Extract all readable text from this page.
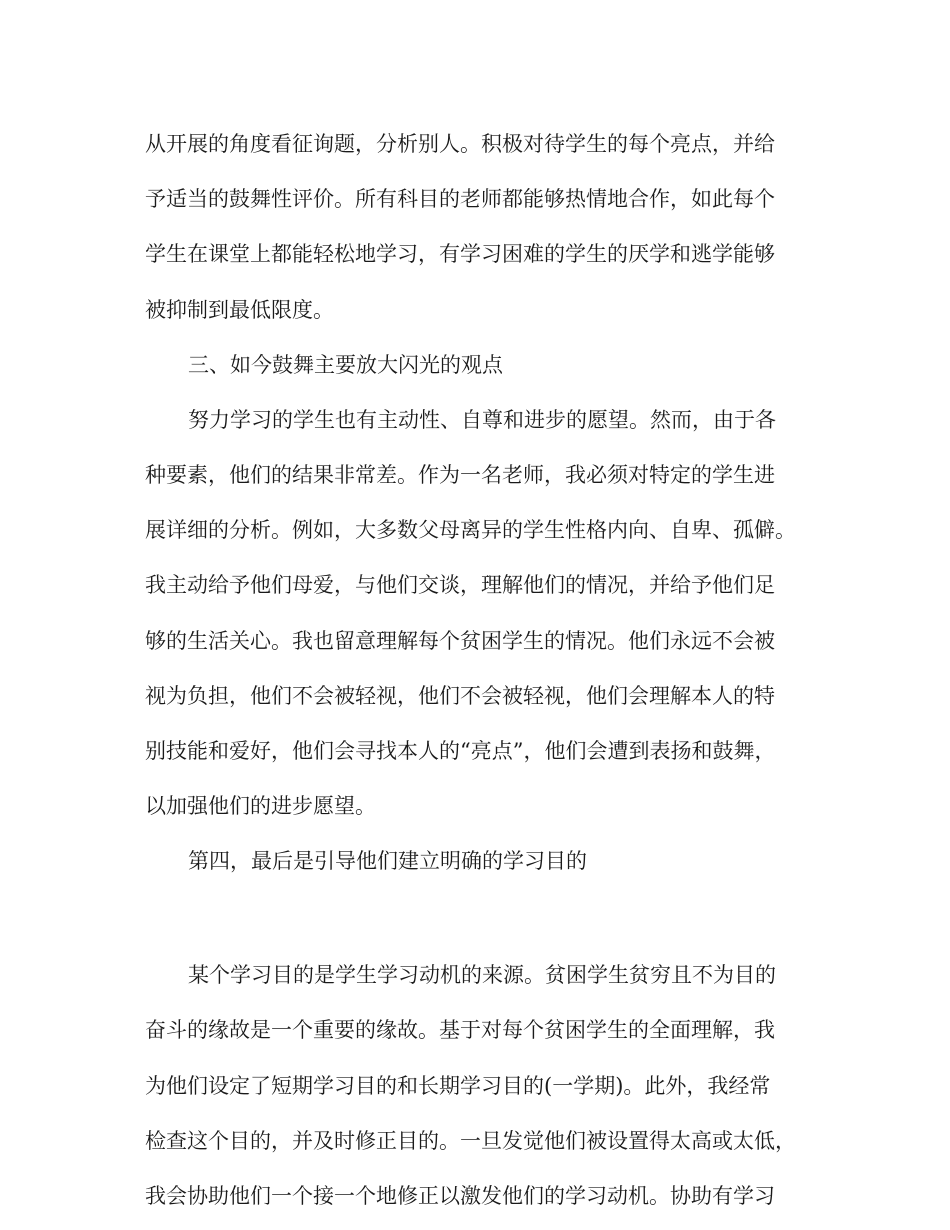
从开展的角度看征询题，分析别人。积极对待学生的每个亮点，并给
予适当的鼓舞性评价。所有科目的老师都能够热情地合作，如此每个
学生在课堂上都能轻松地学习，有学习困难的学生的厌学和逃学能够
被抑制到最低限度。
三、如今鼓舞主要放大闪光的观点
努力学习的学生也有主动性、自尊和进步的愿望。然而，由于各
种要素，他们的结果非常差。作为一名老师，我必须对特定的学生进
展详细的分析。例如，大多数父母离异的学生性格内向、自卑、孤僻。
我主动给予他们母爱，与他们交谈，理解他们的情况，并给予他们足
够的生活关心。我也留意理解每个贫困学生的情况。他们永远不会被
视为负担，他们不会被轻视，他们不会被轻视，他们会理解本人的特
别技能和爱好，他们会寻找本人的“亮点”，他们会遭到表扬和鼓舞，
以加强他们的进步愿望。
第四，最后是引导他们建立明确的学习目的
某个学习目的是学生学习动机的来源。贫困学生贫穷且不为目的
奋斗的缘故是一个重要的缘故。基于对每个贫困学生的全面理解，我
为他们设定了短期学习目的和长期学习目的(一学期)。此外，我经常
检查这个目的，并及时修正目的。一旦发觉他们被设置得太高或太低，
我会协助他们一个接一个地修正以激发他们的学习动机。协助有学习
